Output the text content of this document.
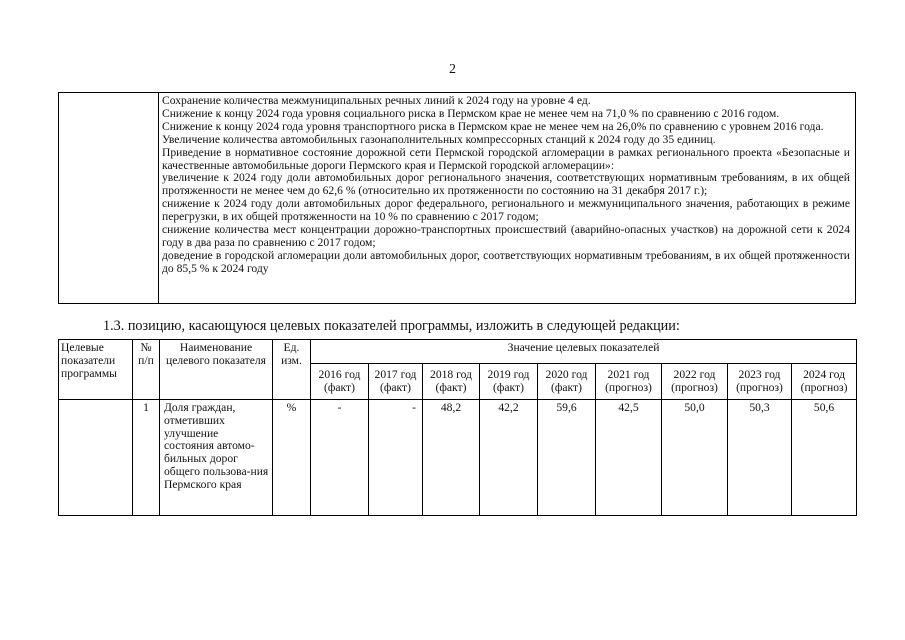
2

Сохранение количества межмуниципальных речных линий к 2024 году на уровне 4 ед.

Снижение к концу 2024 года уровня социального риска в Пермском крае не менее чем на 71,0 % по сравнению с 2016 годом.

Снижение к концу 2024 года уровня транспортного риска в Пермском крае не менее чем на 26,0% по сравнению с уровнем 2016 года.

Увеличение количества автомобильных газонаполнительных компрессорных станций к 2024 году до 35 единиц.

Приведение в нормативное состояние дорожной сети Пермской городской агломерации в рамках регионального проекта «Безопасные и качественные автомобильные дороги Пермского края и Пермской городской агломерации»:

увеличение к 2024 году доли автомобильных дорог регионального значения, соответствующих нормативным требованиям, в их общей протяженности не менее чем до 62,6 % (относительно их протяженности по состоянию на 31 декабря 2017 г.);

снижение к 2024 году доли автомобильных дорог федерального, регионального и межмуниципального значения, работающих в режиме перегрузки, в их общей протяженности на 10 % по сравнению с 2017 годом;

снижение количества мест концентрации дорожно-транспортных происшествий (аварийно-опасных участков) на дорожной сети к 2024 году в два раза по сравнению с 2017 годом;

доведение в городской агломерации доли автомобильных дорог, соответствующих нормативным требованиям, в их общей протяженности до 85,5 % к 2024 году

1.3. позицию, касающуюся целевых показателей программы, изложить в следующей редакции:
Целевые показатели программы	№ п/п	Наименование целевого показателя	Ед. изм.	Значение целевых показателей								
				2016 год (факт)	2017 год (факт)	2018 год (факт)	2019 год (факт)	2020 год (факт)	2021 год (прогноз)	2022 год (прогноз)	2023 год (прогноз)	2024 год (прогноз)
	1	Доля граждан, отметивших улучшение состояния автомо-бильных дорог общего пользова-ния Пермского края	%	-	-	48,2	42,2	59,6	42,5	50,0	50,3	50,6
